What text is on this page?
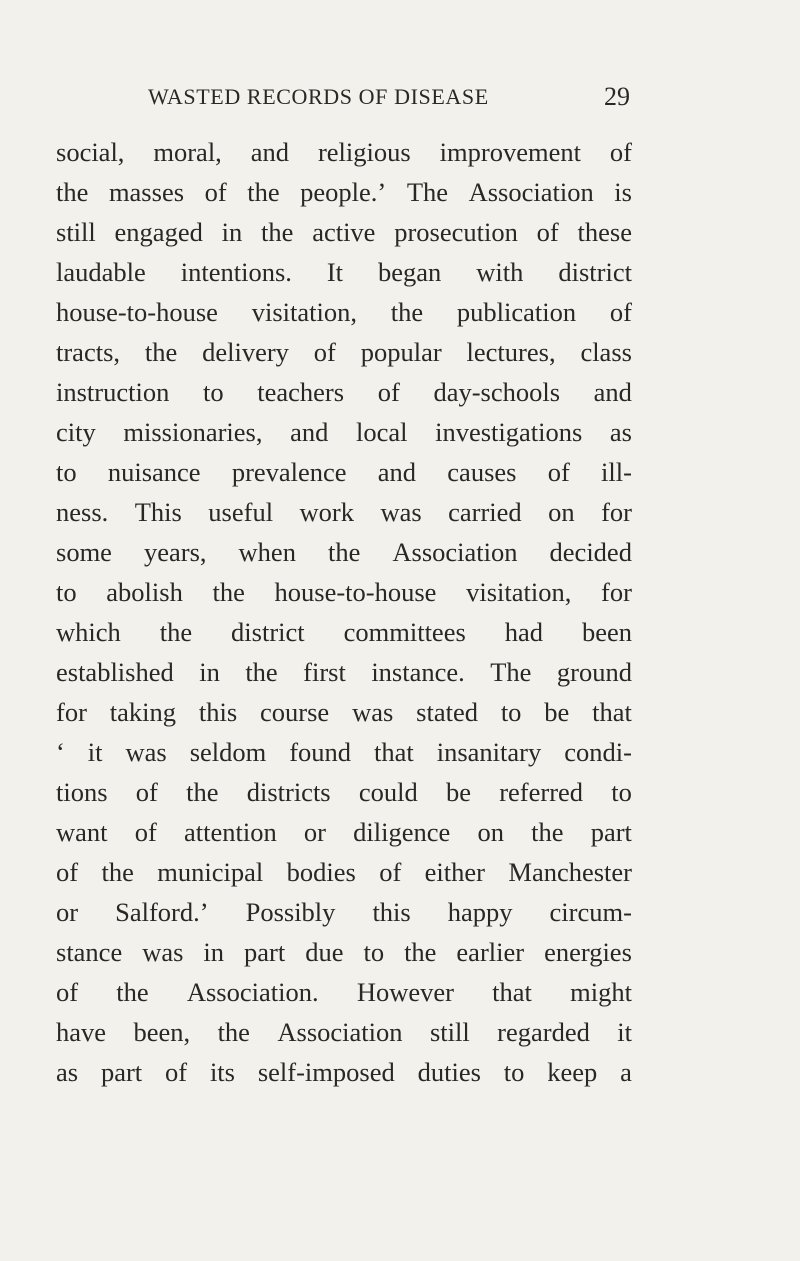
WASTED RECORDS OF DISEASE	29
social, moral, and religious improvement of
the masses of the people.’ The Association is
still engaged in the active prosecution of these
laudable intentions. It began with district
house-to-house visitation, the publication of
tracts, the delivery of popular lectures, class
instruction to teachers of day-schools and
city missionaries, and local investigations as
to nuisance prevalence and causes of ill-
ness. This useful work was carried on for
some years, when the Association decided
to abolish the house-to-house visitation, for
which the district committees had been
established in the first instance. The ground
for taking this course was stated to be that
‘ it was seldom found that insanitary condi-
tions of the districts could be referred to
want of attention or diligence on the part
of the municipal bodies of either Manchester
or Salford.’ Possibly this happy circum-
stance was in part due to the earlier energies
of the Association. However that might
have been, the Association still regarded it
as part of its self-imposed duties to keep a
